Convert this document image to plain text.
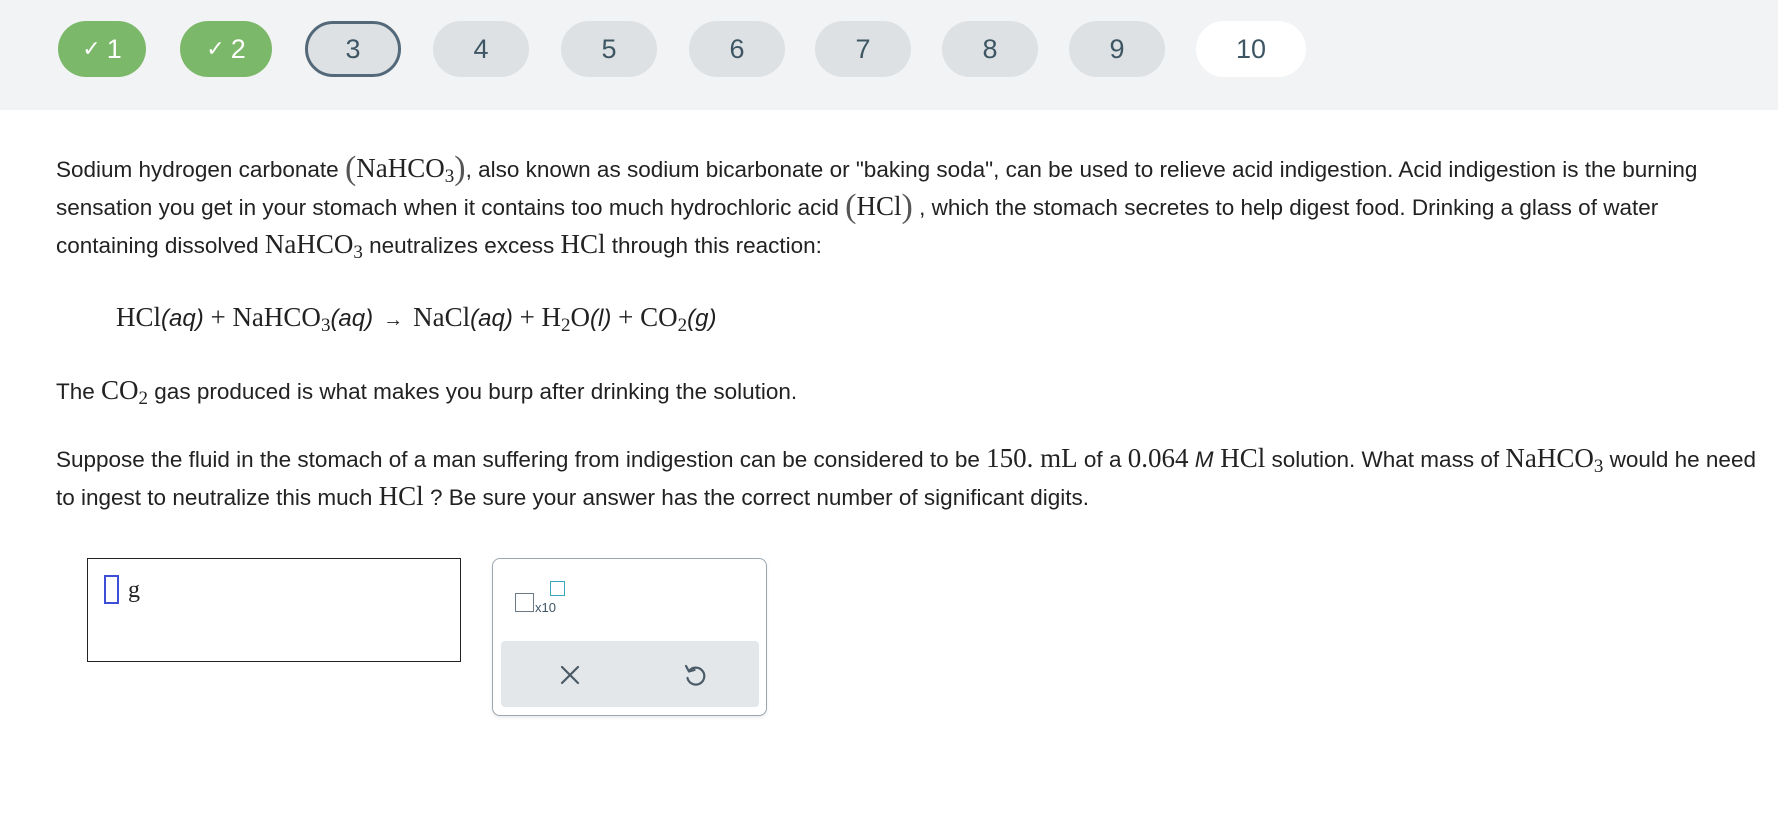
✓ 1	✓ 2	3	4	5	6	7	8	9	10

Sodium hydrogen carbonate (NaHCO$_3$), also known as sodium bicarbonate or "baking soda", can be used to relieve acid indigestion. Acid indigestion is the burning sensation you get in your stomach when it contains too much hydrochloric acid (HCl) , which the stomach secretes to help digest food. Drinking a glass of water containing dissolved NaHCO$_3$ neutralizes excess HCl through this reaction:

HCl(aq) + NaHCO$_3$(aq) → NaCl(aq) + $H_2O(l) + CO_2(g)$

The $CO_2$ gas produced is what makes you burp after drinking the solution.

Suppose the fluid in the stomach of a man suffering from indigestion can be considered to be 150. mL of a 0.064 M HCl solution. What mass of NaHCO$_3$ would he need to ingest to neutralize this much HCl ? Be sure your answer has the correct number of significant digits.

g
x10
